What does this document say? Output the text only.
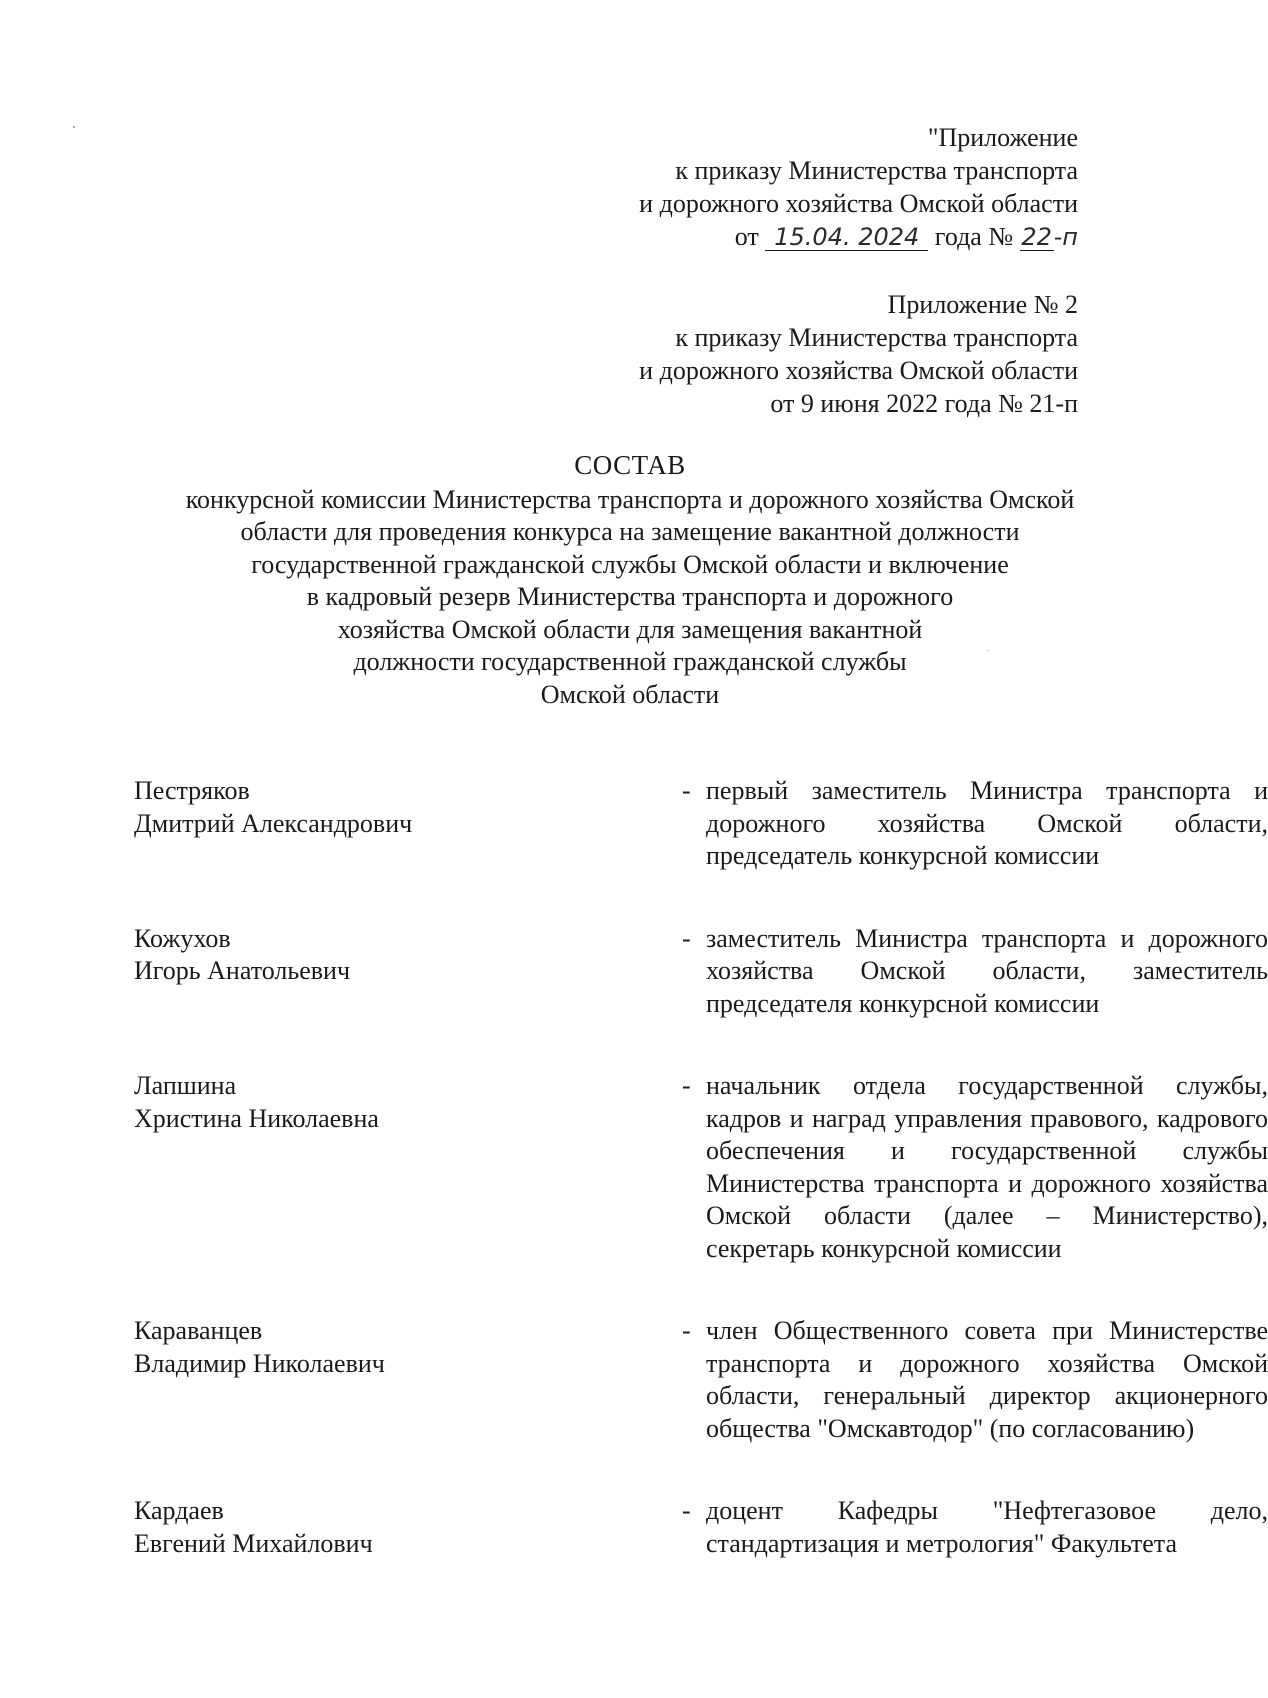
"Приложение
к приказу Министерства транспорта
и дорожного хозяйства Омской области
от 15.04. 2024 года № 22-п
Приложение № 2
к приказу Министерства транспорта
и дорожного хозяйства Омской области
от 9 июня 2022 года № 21-п
СОСТАВ
конкурсной комиссии Министерства транспорта и дорожного хозяйства Омской
области для проведения конкурса на замещение вакантной должности
государственной гражданской службы Омской области и включение
в кадровый резерв Министерства транспорта и дорожного
хозяйства Омской области для замещения вакантной
должности государственной гражданской службы
Омской области
Пестряков
Дмитрий Александрович
- первый заместитель Министра транспорта и дорожного хозяйства Омской области, председатель конкурсной комиссии
Кожухов
Игорь Анатольевич
- заместитель Министра транспорта и дорожного хозяйства Омской области, заместитель председателя конкурсной комиссии
Лапшина
Христина Николаевна
- начальник отдела государственной службы, кадров и наград управления правового, кадрового обеспечения и государственной службы Министерства транспорта и дорожного хозяйства Омской области (далее – Министерство), секретарь конкурсной комиссии
Караванцев
Владимир Николаевич
- член Общественного совета при Министерстве транспорта и дорожного хозяйства Омской области, генеральный директор акционерного общества "Омскавтодор" (по согласованию)
Кардаев
Евгений Михайлович
- доцент Кафедры "Нефтегазовое дело, стандартизация и метрология" Факультета
